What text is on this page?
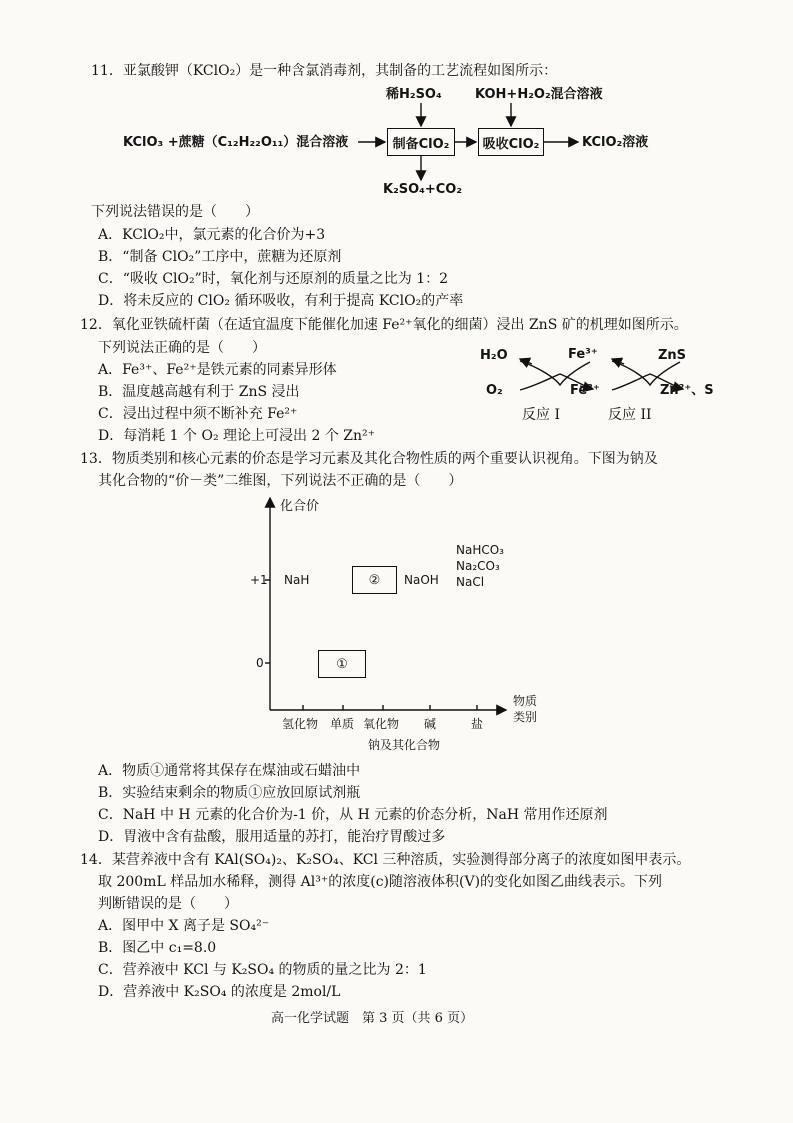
11．亚氯酸钾（KClO₂）是一种含氯消毒剂，其制备的工艺流程如图所示：
稀H₂SO₄	KOH+H₂O₂混合溶液
KClO₃ +蔗糖（C₁₂H₂₂O₁₁）混合溶液	制备ClO₂	吸收ClO₂	KClO₂溶液
K₂SO₄+CO₂
下列说法错误的是（　　）
A．KClO₂中，氯元素的化合价为+3
B．“制备 ClO₂”工序中，蔗糖为还原剂
C．“吸收 ClO₂”时，氧化剂与还原剂的质量之比为 1：2
D．将未反应的 ClO₂ 循环吸收，有利于提高 KClO₂的产率
12．氧化亚铁硫杆菌（在适宜温度下能催化加速 Fe²⁺氧化的细菌）浸出 ZnS 矿的机理如图所示。
下列说法正确的是（　　）
A．Fe³⁺、Fe²⁺是铁元素的同素异形体
B．温度越高越有利于 ZnS 浸出
C．浸出过程中须不断补充 Fe²⁺
D．每消耗 1 个 O₂ 理论上可浸出 2 个 Zn²⁺
H₂O
O₂
Fe³⁺
Fe²⁺
ZnS
Zn²⁺、S
反应 I	反应 II
13．物质类别和核心元素的价态是学习元素及其化合物性质的两个重要认识视角。下图为钠及
其化合物的“价－类”二维图，下列说法不正确的是（　　）
化合价
+1
0
NaH	② NaOH
NaHCO₃
Na₂CO₃
NaCl
①
氢化物 单质 氧化物 碱	盐
物质
类别
钠及其化合物
A．物质①通常将其保存在煤油或石蜡油中
B．实验结束剩余的物质①应放回原试剂瓶
C．NaH 中 H 元素的化合价为-1 价，从 H 元素的价态分析，NaH 常用作还原剂
D．胃液中含有盐酸，服用适量的苏打，能治疗胃酸过多
14．某营养液中含有 KAl(SO₄)₂、K₂SO₄、KCl 三种溶质，实验测得部分离子的浓度如图甲表示。
取 200mL 样品加水稀释，测得 Al³⁺的浓度(c)随溶液体积(V)的变化如图乙曲线表示。下列
判断错误的是（　　）
A．图甲中 X 离子是 SO₄²⁻
B．图乙中 c₁=8.0
C．营养液中 KCl 与 K₂SO₄ 的物质的量之比为 2：1
D．营养液中 K₂SO₄ 的浓度是 2mol/L
高一化学试题　第 3 页（共 6 页）
